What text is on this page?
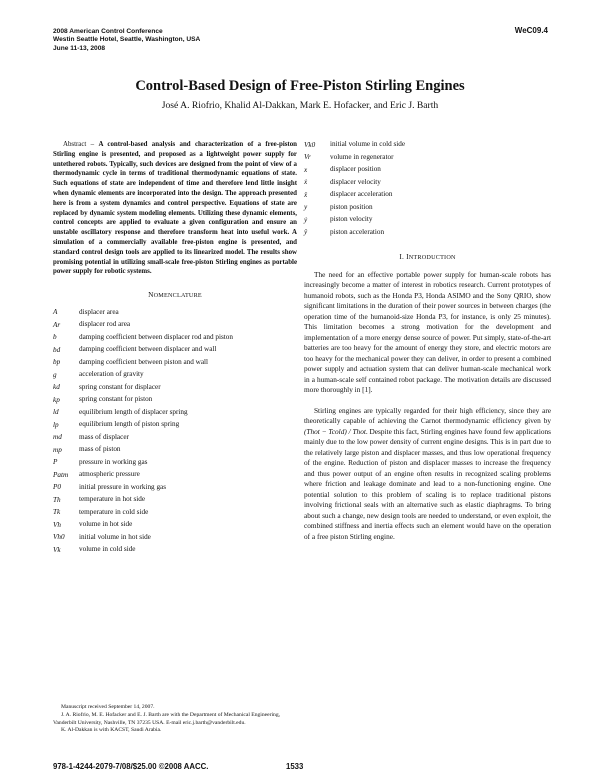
2008 American Control Conference
Westin Seattle Hotel, Seattle, Washington, USA
June 11-13, 2008
WeC09.4
Control-Based Design of Free-Piston Stirling Engines
José A. Riofrio, Khalid Al-Dakkan, Mark E. Hofacker, and Eric J. Barth

Abstract – A control-based analysis and characterization of a free-piston Stirling engine is presented, and proposed as a lightweight power supply for untethered robots. Typically, such devices are designed from the point of view of a thermodynamic cycle in terms of traditional thermodynamic equations of state. Such equations of state are independent of time and therefore lend little insight when dynamic elements are incorporated into the design. The approach presented here is from a system dynamics and control perspective. Equations of state are replaced by dynamic system modeling elements. Utilizing these dynamic elements, control concepts are applied to evaluate a given configuration and ensure an unstable oscillatory response and therefore transform heat into useful work. A simulation of a commercially available free-piston engine is presented, and standard control design tools are applied to its linearized model. The results show promising potential in utilizing small-scale free-piston Stirling engines as portable power supply for robotic systems.

NOMENCLATURE
A	displacer area
Ar	displacer rod area
b	damping coefficient between displacer rod and piston
bd	damping coefficient between displacer and wall
bp	damping coefficient between piston and wall
g	acceleration of gravity
kd	spring constant for displacer
kp	spring constant for piston
ld	equilibrium length of displacer spring
lp	equilibrium length of piston spring
md	mass of displacer
mp	mass of piston
P	pressure in working gas
Patm	atmospheric pressure
P0	initial pressure in working gas
Th	temperature in hot side
Tk	temperature in cold side
Vh	volume in hot side
Vh0	initial volume in hot side
Vk	volume in cold side
Vk0	initial volume in cold side
Vr	volume in regenerator
x	displacer position
ẋ	displacer velocity
ẍ	displacer acceleration
y	piston position
ẏ	piston velocity
ÿ	piston acceleration
I. INTRODUCTION

The need for an effective portable power supply for human-scale robots has increasingly become a matter of interest in robotics research. Current prototypes of humanoid robots, such as the Honda P3, Honda ASIMO and the Sony QRIO, show significant limitations in the duration of their power sources in between charges (the operation time of the humanoid-size Honda P3, for instance, is only 25 minutes). This limitation becomes a strong motivation for the development and implementation of a more energy dense source of power. Put simply, state-of-the-art batteries are too heavy for the amount of energy they store, and electric motors are too heavy for the mechanical power they can deliver, in order to present a combined power supply and actuation system that can deliver human-scale mechanical work in a human-scale self contained robot package. The motivation details are discussed more thoroughly in [1].

Stirling engines are typically regarded for their high efficiency, since they are theoretically capable of achieving the Carnot thermodynamic efficiency given by (Thot − Tcold) / Thot. Despite this fact, Stirling engines have found few applications mainly due to the low power density of current engine designs. This is in part due to the relatively large piston and displacer masses, and thus low operational frequency of the engine. Reduction of piston and displacer masses to increase the frequency and thus power output of an engine often results in recognized scaling problems where friction and leakage dominate and lead to a non-functioning engine. One potential solution to this problem of scaling is to replace traditional pistons involving frictional seals with an alternative such as elastic diaphragms. To bring about such a change, new design tools are needed to understand, or even exploit, the combined stiffness and inertia effects such an element would have on the operation of a free piston Stirling engine.

Manuscript received September 14, 2007.

J. A. Riofrio, M. E. Hofacker and E. J. Barth are with the Department of Mechanical Engineering, Vanderbilt University, Nashville, TN 37235 USA. E-mail eric.j.barth@vanderbilt.edu.

K. Al-Dakkan is with KACST, Saudi Arabia.

978-1-4244-2079-7/08/$25.00 ©2008 AACC.	1533
